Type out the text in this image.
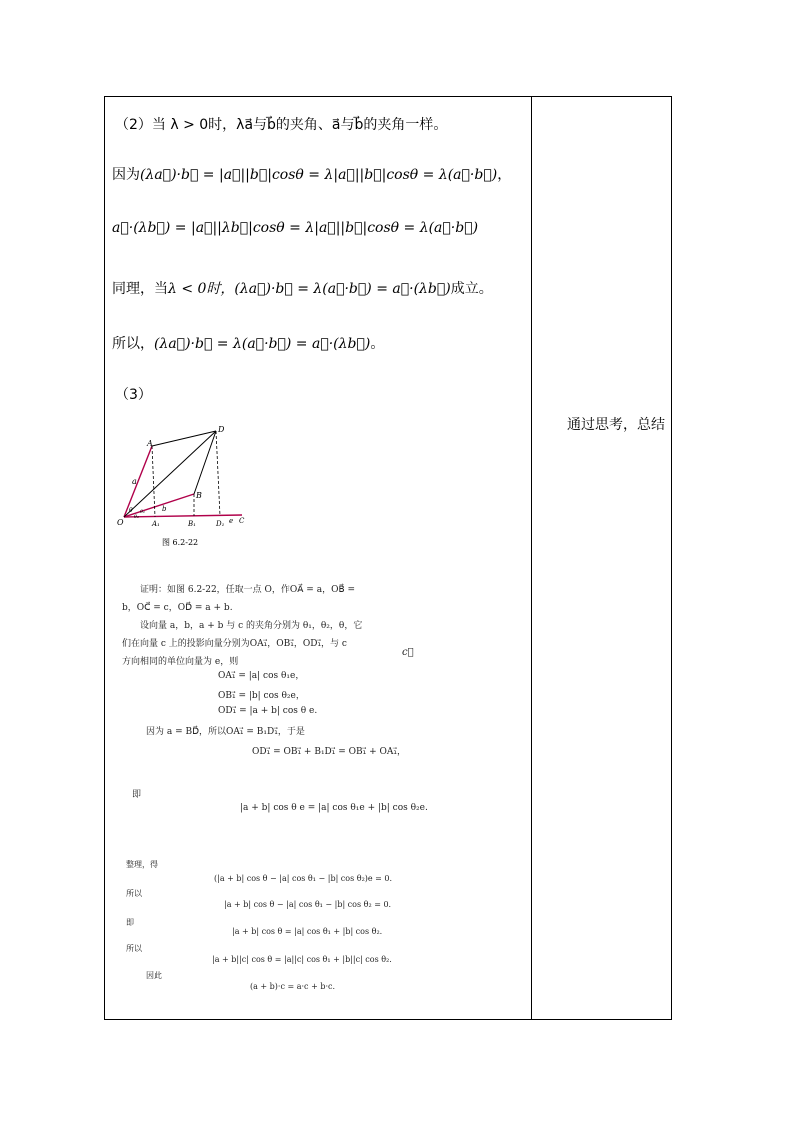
（2）当 λ > 0时，λa⃗与b⃗的夹角、a⃗与b⃗的夹角一样。
因为(λa⃗)·b⃗ = |a⃗||b⃗|cosθ = λ|a⃗||b⃗|cosθ = λ(a⃗·b⃗)，
a⃗·(λb⃗) = |a⃗||λb⃗|cosθ = λ|a⃗||b⃗|cosθ = λ(a⃗·b⃗)
同理，当λ < 0时，(λa⃗)·b⃗ = λ(a⃗·b⃗) = a⃗·(λb⃗)成立。
所以，(λa⃗)·b⃗ = λ(a⃗·b⃗) = a⃗·(λb⃗)。
（3）
通过思考，总结
O
A
B
D
A₁	B₁	D₁
a
b
e C
θ θ₁
θ₂
图 6.2-22
证明：如图 6.2-22，任取一点 O，作OA⃗ = a，OB⃗ =
b，OC⃗ = c，OD⃗ = a + b.
设向量 a，b，a + b 与 c 的夹角分别为 θ₁，θ₂，θ，它
们在向量 c 上的投影向量分别为OA₁⃗，OB₁⃗，OD₁⃗，与 c
方向相同的单位向量为 e，则
OA₁⃗ = |a| cos θ₁e，
OB₁⃗ = |b| cos θ₂e，
OD₁⃗ = |a + b| cos θ e.
因为 a = BD⃗，所以OA₁⃗ = B₁D₁⃗，于是
OD₁⃗ = OB₁⃗ + B₁D₁⃗ = OB₁⃗ + OA₁⃗，
即
|a + b| cos θ e = |a| cos θ₁e + |b| cos θ₂e.
整理，得
(|a + b| cos θ − |a| cos θ₁ − |b| cos θ₂)e = 0.
所以
|a + b| cos θ − |a| cos θ₁ − |b| cos θ₂ = 0.
即
|a + b| cos θ = |a| cos θ₁ + |b| cos θ₂.
所以
|a + b||c| cos θ = |a||c| cos θ₁ + |b||c| cos θ₂.
因此
(a + b)·c = a·c + b·c.
c⃗
